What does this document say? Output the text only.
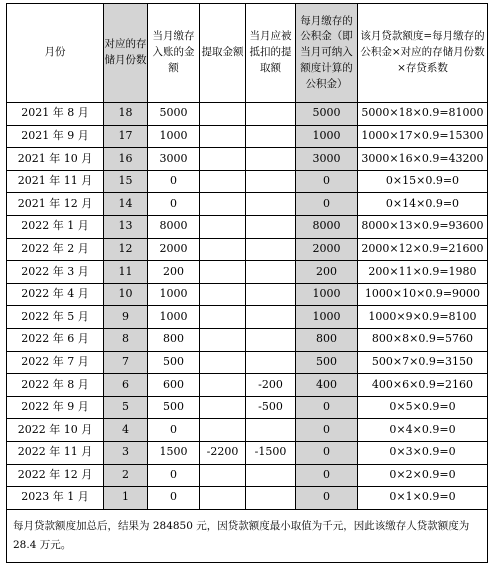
月份	对应的存储月份数	当月缴存入账的金额	提取金额	当月应被抵扣的提取额	每月缴存的公积金（即当月可纳入额度计算的公积金）	该月贷款额度=每月缴存的公积金×对应的存储月份数×存贷系数
2021 年 8 月	18	5000			5000	5000×18×0.9=81000
2021 年 9 月	17	1000			1000	1000×17×0.9=15300
2021 年 10 月	16	3000			3000	3000×16×0.9=43200
2021 年 11 月	15	0			0	0×15×0.9=0
2021 年 12 月	14	0			0	0×14×0.9=0
2022 年 1 月	13	8000			8000	8000×13×0.9=93600
2022 年 2 月	12	2000			2000	2000×12×0.9=21600
2022 年 3 月	11	200			200	200×11×0.9=1980
2022 年 4 月	10	1000			1000	1000×10×0.9=9000
2022 年 5 月	9	1000			1000	1000×9×0.9=8100
2022 年 6 月	8	800			800	800×8×0.9=5760
2022 年 7 月	7	500			500	500×7×0.9=3150
2022 年 8 月	6	600		-200	400	400×6×0.9=2160
2022 年 9 月	5	500		-500	0	0×5×0.9=0
2022 年 10 月	4	0			0	0×4×0.9=0
2022 年 11 月	3	1500	-2200	-1500	0	0×3×0.9=0
2022 年 12 月	2	0			0	0×2×0.9=0
2023 年 1 月	1	0			0	0×1×0.9=0
每月贷款额度加总后，结果为 284850 元，因贷款额度最小取值为千元，因此该缴存人贷款额度为 28.4 万元。						
